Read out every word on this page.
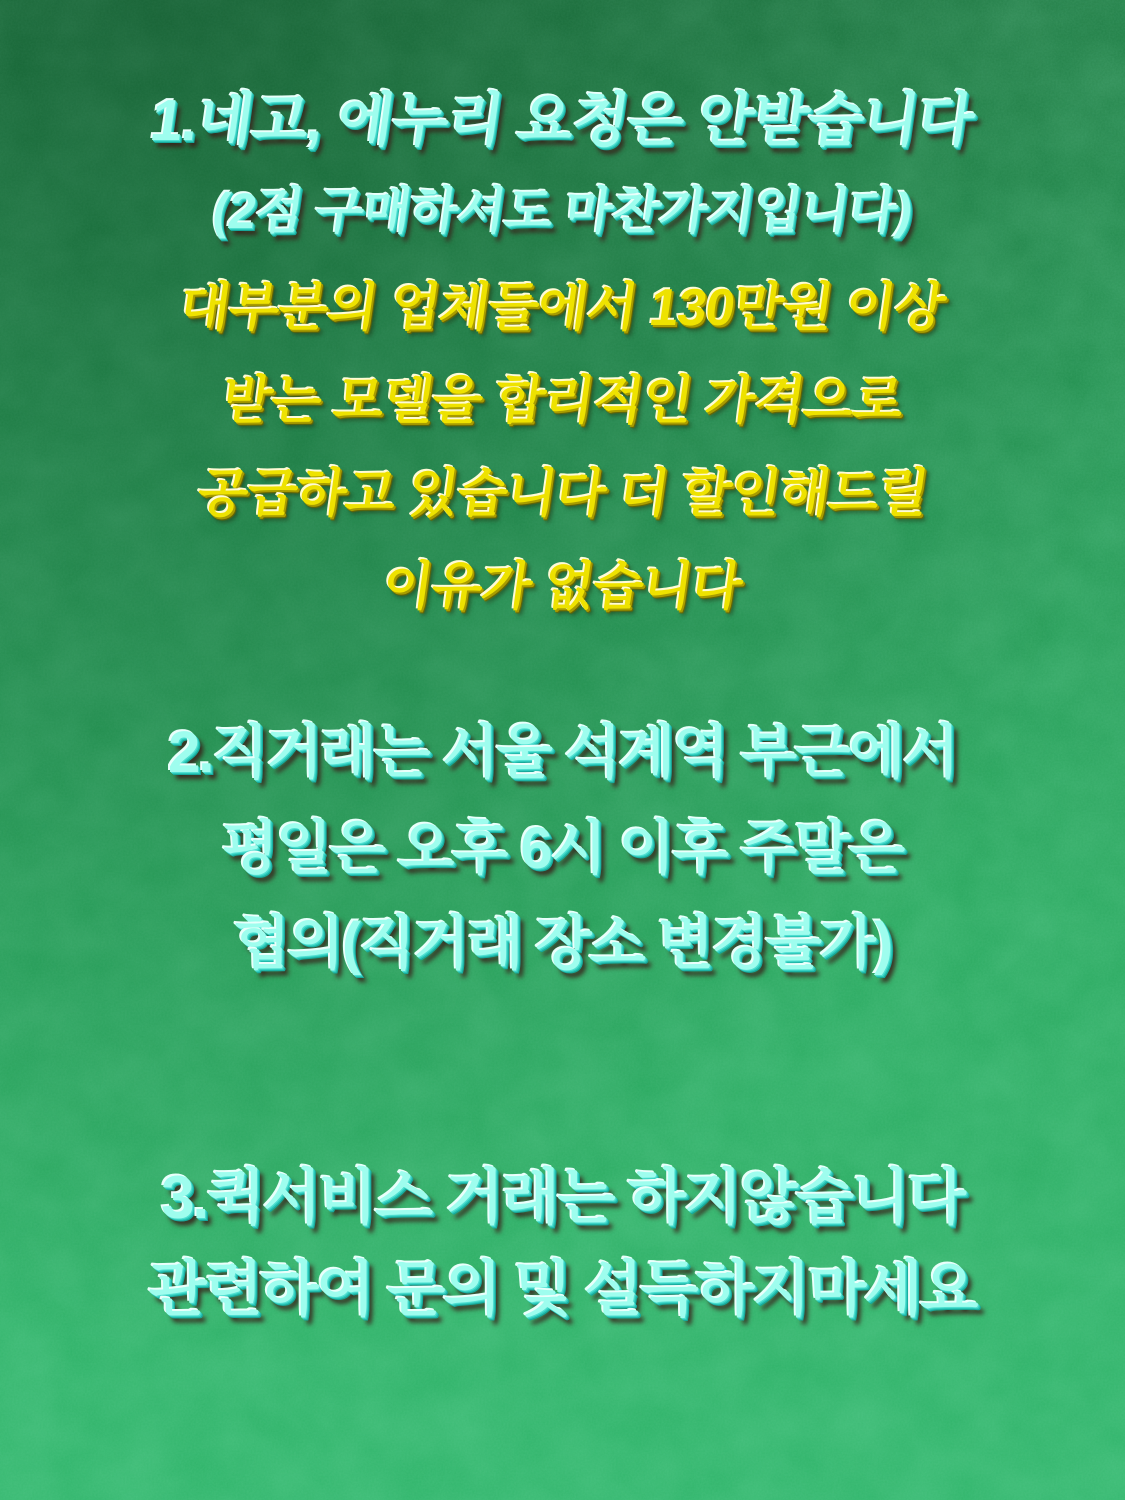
1.네고, 에누리 요청은 안받습니다
(2점 구매하셔도 마찬가지입니다)
대부분의 업체들에서 130만원 이상
받는 모델을 합리적인 가격으로
공급하고 있습니다 더 할인해드릴
이유가 없습니다
2.직거래는 서울 석계역 부근에서
평일은 오후 6시 이후 주말은
협의(직거래 장소 변경불가)
3.퀵서비스 거래는 하지않습니다
관련하여 문의 및 설득하지마세요
